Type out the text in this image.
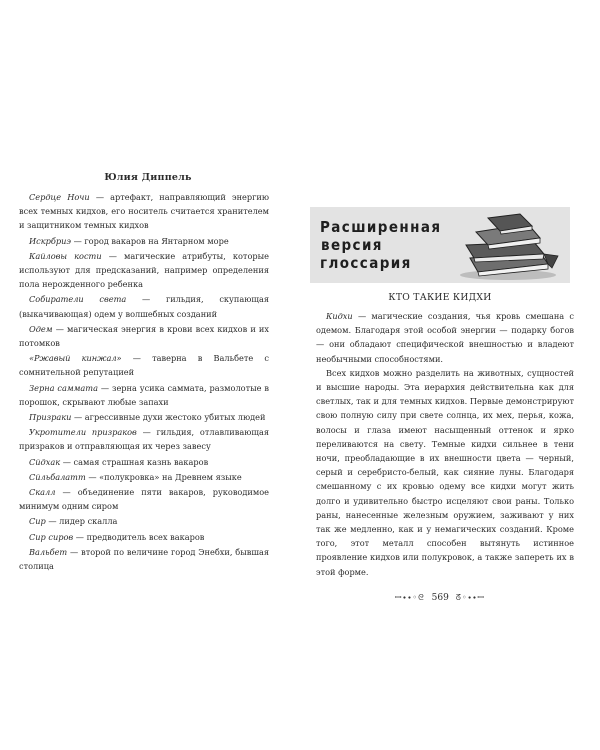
Юлия Диппель

Сердце Ночи — артефакт, направляющий энергию всех темных кидхов, его носитель считается хранителем и защитником темных кидхов

Искрбриэ — город вакаров на Янтарном море

Кайловы кости — магические атрибуты, которые используют для предсказаний, например определения пола нерожденного ребенка

Собиратели света — гильдия, скупающая (выкачивающая) одем у волшебных созданий

Одем — магическая энергия в крови всех кидхов и их потомков

«Ржавый кинжал» — таверна в Вальбете с сомнительной репутацией

Зерна саммата — зерна усика саммата, размолотые в порошок, скрывают любые запахи

Призраки — агрессивные духи жестоко убитых людей

Укротители призраков — гильдия, отлавливающая призраков и отправляющая их через завесу

Сйдхак — самая страшная казнь вакаров

Сйльбалатт — «полукровка» на Древнем языке

Скалл — объединение пяти вакаров, руководимое минимум одним сиром

Сир — лидер скалла

Сир сиров — предводитель всех вакаров

Вальбет — второй по величине город Энебхи, бывшая столица

Расширенная
версия
глоссария
КТО ТАКИЕ КИДХИ

Кидхи — магические создания, чья кровь смешана с одемом. Благодаря этой особой энергии — подарку богов — они обладают специфической внешностью и владеют необычными способностями.

Всех кидхов можно разделить на животных, сущностей и высшие народы. Эта иерархия действительна как для светлых, так и для темных кидхов. Первые демонстрируют свою полную силу при свете солнца, их мех, перья, кожа, волосы и глаза имеют насыщенный оттенок и ярко переливаются на свету. Темные кидхи сильнее в тени ночи, преобладающие в их внешности цвета — черный, серый и серебристо-белый, как сияние луны. Благодаря смешанному с их кровью одему все кидхи могут жить долго и удивительно быстро исцеляют свои раны. Только раны, нанесенные железным оружием, заживают у них так же медленно, как и у немагических созданий. Кроме того, этот металл способен вытянуть истинное проявление кидхов или полукровок, а также запереть их в этой форме.

ꟷ∙∙◦ᘓ 569 ᘔ◦∙∙ꟷ
